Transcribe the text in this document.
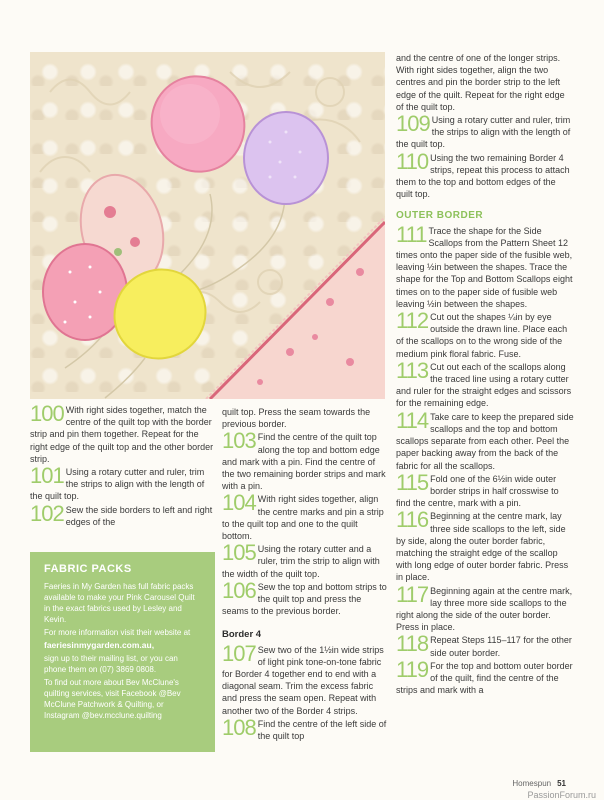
100 With right sides together, match the centre of the quilt top with the border strip and pin them together. Repeat for the right edge of the quilt top and the other border strip.

101 Using a rotary cutter and ruler, trim the strips to align with the length of the quilt top.

102 Sew the side borders to left and right edges of the

FABRIC PACKS

Faeries in My Garden has full fabric packs available to make your Pink Carousel Quilt in the exact fabrics used by Lesley and Kevin.

For more information visit their website at

faeriesinmygarden.com.au,

sign up to their mailing list, or you can phone them on (07) 3869 0808.

To find out more about Bev McClune's quilting services, visit Facebook @Bev McClune Patchwork & Quilting, or Instagram @bev.mcclune.quilting

quilt top. Press the seam towards the previous border.

103 Find the centre of the quilt top along the top and bottom edge and mark with a pin. Find the centre of the two remaining border strips and mark with a pin.

104 With right sides together, align the centre marks and pin a strip to the quilt top and one to the quilt bottom.

105 Using the rotary cutter and a ruler, trim the strip to align with the width of the quilt top.

106 Sew the top and bottom strips to the quilt top and press the seams to the previous border.

Border 4
107 Sew two of the 1½in wide strips of light pink tone-on-tone fabric for Border 4 together end to end with a diagonal seam. Trim the excess fabric and press the seam open. Repeat with another two of the Border 4 strips.

108 Find the centre of the left side of the quilt top

and the centre of one of the longer strips. With right sides together, align the two centres and pin the border strip to the left edge of the quilt. Repeat for the right edge of the quilt top.

109 Using a rotary cutter and ruler, trim the strips to align with the length of the quilt top.

110 Using the two remaining Border 4 strips, repeat this process to attach them to the top and bottom edges of the quilt top.

OUTER BORDER
111 Trace the shape for the Side Scallops from the Pattern Sheet 12 times onto the paper side of the fusible web, leaving ½in between the shapes. Trace the shape for the Top and Bottom Scallops eight times on to the paper side of fusible web leaving ½in between the shapes.

112 Cut out the shapes ¼in by eye outside the drawn line. Place each of the scallops on to the wrong side of the medium pink floral fabric. Fuse.

113 Cut out each of the scallops along the traced line using a rotary cutter and ruler for the straight edges and scissors for the remaining edge.

114 Take care to keep the prepared side scallops and the top and bottom scallops separate from each other. Peel the paper backing away from the back of the fabric for all the scallops.

115 Fold one of the 6½in wide outer border strips in half crosswise to find the centre, mark with a pin.

116 Beginning at the centre mark, lay three side scallops to the left, side by side, along the outer border fabric, matching the straight edge of the scallop with long edge of outer border fabric. Press in place.

117 Beginning again at the centre mark, lay three more side scallops to the right along the side of the outer border. Press in place.

118 Repeat Steps 115–117 for the other side outer border.

119 For the top and bottom outer border of the quilt, find the centre of the strips and mark with a

Homespun 51
PassionForum.ru
